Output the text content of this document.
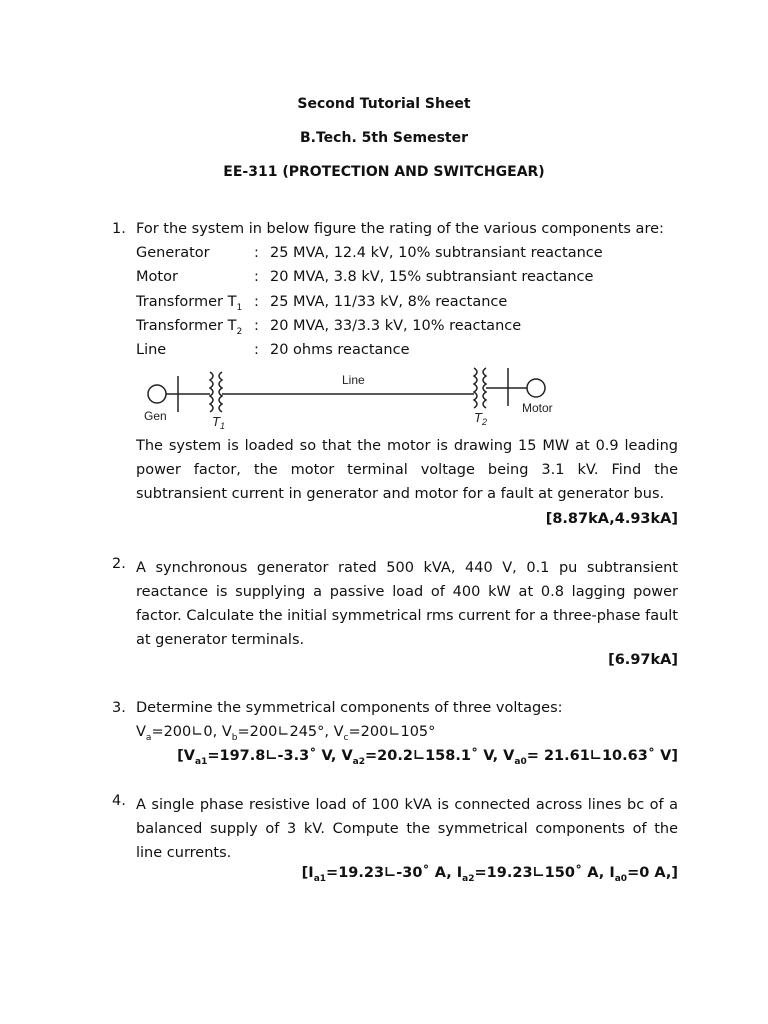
Second Tutorial Sheet
B.Tech. 5th Semester
EE-311 (PROTECTION AND SWITCHGEAR)
1. For the system in below figure the rating of the various components are:
Generator	: 25 MVA, 12.4 kV, 10% subtransiant reactance
Motor	: 20 MVA, 3.8 kV, 15% subtransiant reactance
Transformer $T_1$ : 25 MVA, 11/33 kV, 8% reactance
Transformer $T_2$ : 20 MVA, 33/3.3 kV, 10% reactance
Line	: 20 ohms reactance
Gen
Line
Motor
$T_1$
$T_2$
The system is loaded so that the motor is drawing 15 MW at 0.9 leading power factor, the motor terminal voltage being 3.1 kV. Find the subtransient current in generator and motor for a fault at generator bus.
[8.87kA,4.93kA]
2. A synchronous generator rated 500 kVA, 440 V, 0.1 pu subtransient reactance is supplying a passive load of 400 kW at 0.8 lagging power factor. Calculate the initial symmetrical rms current for a three-phase fault at generator terminals.
[6.97kA]
3. Determine the symmetrical components of three voltages:
$V_a=200∟0$, $V_b=200∟245^\circ$, $V_c=200∟105^\circ$
[$V_{a1}=197.8∟-3.3˚$ V, $V_{a2}=20.2∟158.1˚$ V, $V_{a0}=$ 21.61∟10.63˚ V]
4. A single phase resistive load of 100 kVA is connected across lines bc of a balanced supply of 3 kV. Compute the symmetrical components of the line currents.
[$I_{a1}=19.23∟-30˚$ A, $I_{a2}=19.23∟150˚$ A, $I_{a0}=0$ A,]
